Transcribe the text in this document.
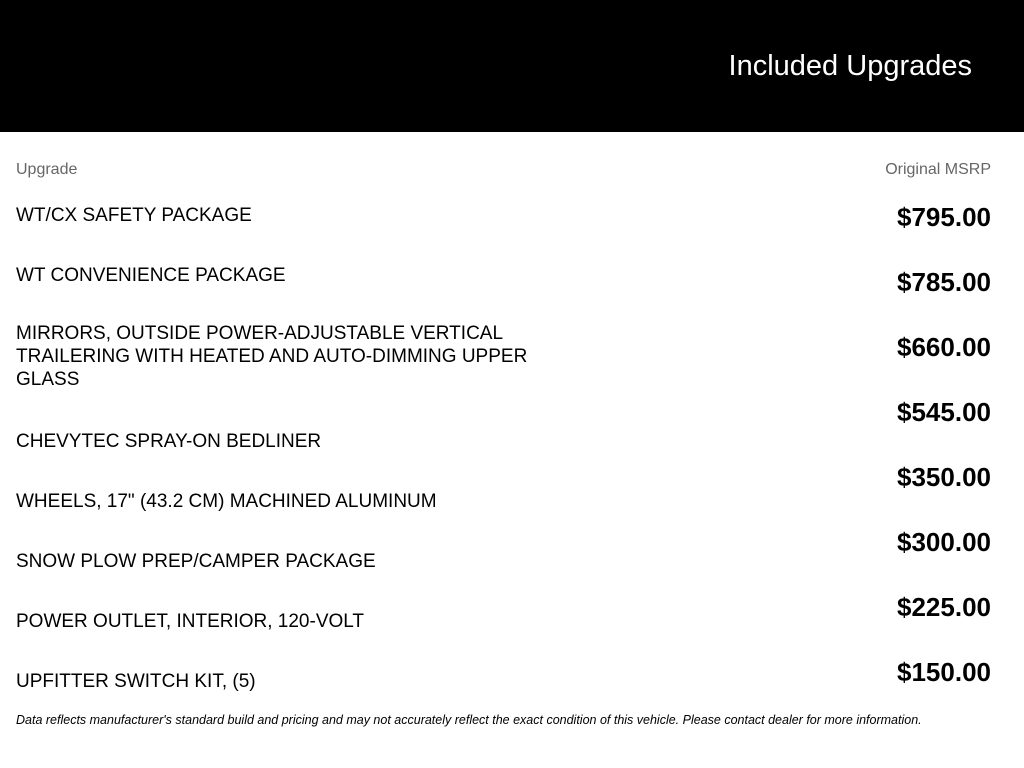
Included Upgrades
Upgrade	Original MSRP
WT/CX SAFETY PACKAGE
WT CONVENIENCE PACKAGE
MIRRORS, OUTSIDE POWER-ADJUSTABLE VERTICAL TRAILERING WITH HEATED AND AUTO-DIMMING UPPER GLASS
CHEVYTEC SPRAY-ON BEDLINER
WHEELS, 17" (43.2 CM) MACHINED ALUMINUM
SNOW PLOW PREP/CAMPER PACKAGE
POWER OUTLET, INTERIOR, 120-VOLT
UPFITTER SWITCH KIT, (5)
$795.00
$785.00
$660.00
$545.00
$350.00
$300.00
$225.00
$150.00
Data reflects manufacturer's standard build and pricing and may not accurately reflect the exact condition of this vehicle. Please contact dealer for more information.
